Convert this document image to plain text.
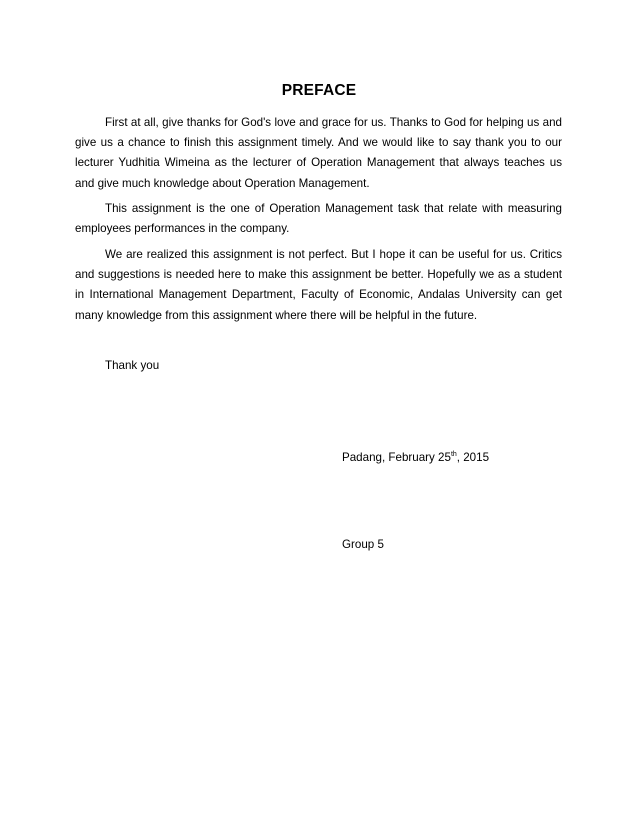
PREFACE

First at all, give thanks for God's love and grace for us. Thanks to God for helping us and give us a chance to finish this assignment timely. And we would like to say thank you to our lecturer Yudhitia Wimeina as the lecturer of Operation Management that always teaches us and give much knowledge about Operation Management.

This assignment is the one of Operation Management task that relate with measuring employees performances in the company.

We are realized this assignment is not perfect. But I hope it can be useful for us. Critics and suggestions is needed here to make this assignment be better. Hopefully we as a student in International Management Department, Faculty of Economic, Andalas University can get many knowledge from this assignment where there will be helpful in the future.

Thank you

Padang, February 25th, 2015
Group 5
